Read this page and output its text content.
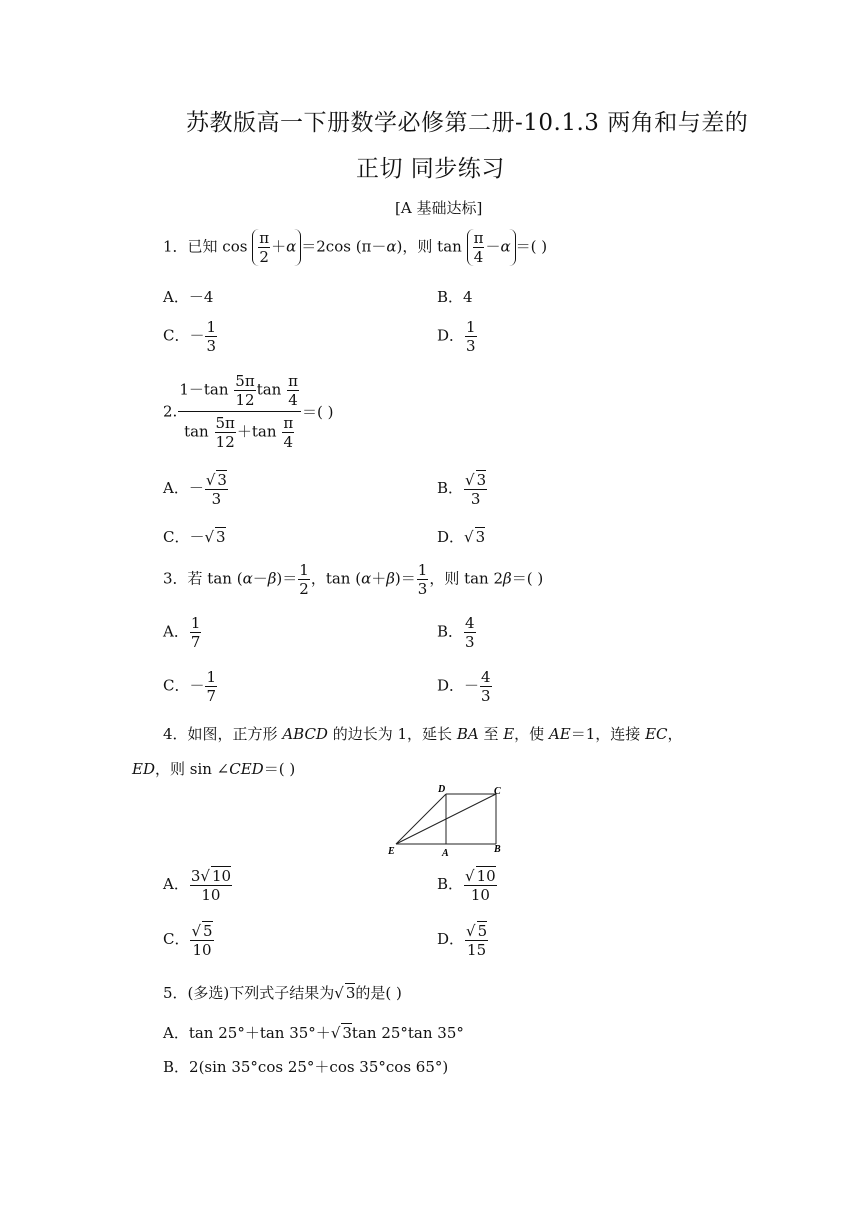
苏教版高一下册数学必修第二册-10.1.3 两角和与差的
正切 同步练习
[A 基础达标]
1．已知 $\cos \frac{\pi}{2} +\alpha =2\cos$ (π－α)，则 $\tan \frac{\pi}{4} -\alpha$ ＝( )
A．－4	B．4
C．－ $\frac{1}{3}$	D． $\frac{1}{3}$
2. $\frac{1-\tan \frac{5\pi}{12} \tan \frac{\pi}{4}}{\tan \frac{5\pi}{12} +\tan \frac{\pi}{4}}$ ＝( )
A．－ $\frac{√ 3}{3}$	B． $\frac{√ 3}{3}$
C．－√ 3	D．√ 3
3．若 $\tan (\alpha-\beta)= \frac{1}{2}$ ，$\tan (\alpha+\beta)= \frac{1}{3}$ ，则 tan 2β＝( )
A． $\frac{1}{7}$	B． $\frac{4}{3}$
C．－ $\frac{1}{7}$	D．－ $\frac{4}{3}$
4．如图，正方形 ABCD 的边长为 1，延长 BA 至 E，使 AE＝1，连接 EC，
ED，则 sin ∠CED＝( )
D	C
E	A	B
A． $\frac{3√ 10}{10}$	B． $\frac{√ 10}{10}$
C． $\frac{√ 5}{10}$	D． $\frac{√ 5}{15}$
5．(多选)下列式子结果为√ 3的是( )
A．tan 25°＋tan 35°＋√ 3tan 25°tan 35°
B．2(sin 35°cos 25°＋cos 35°cos 65°)
